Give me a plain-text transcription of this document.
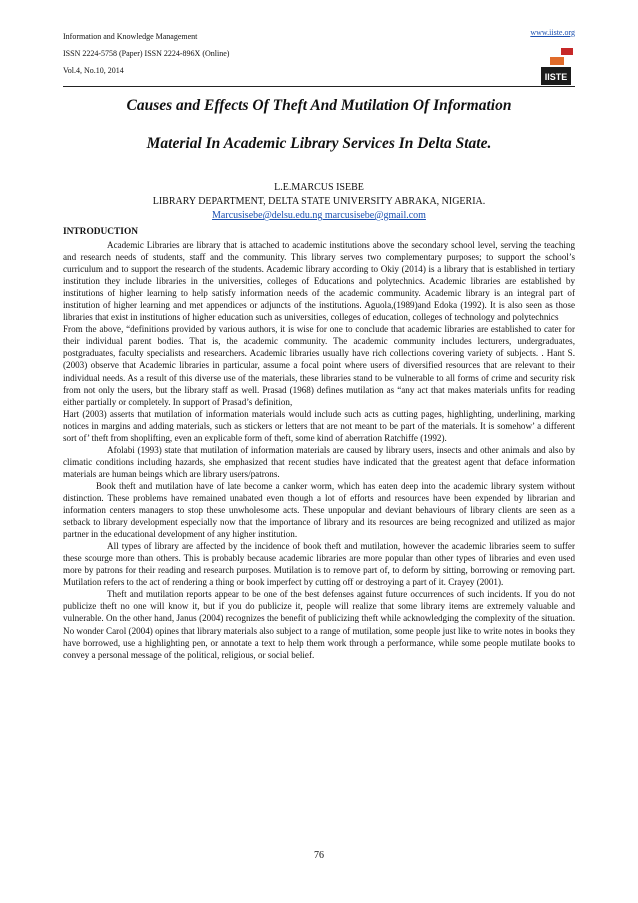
Information and Knowledge Management
ISSN 2224-5758 (Paper) ISSN 2224-896X (Online)
Vol.4, No.10, 2014
www.iiste.org
IISTE
Causes and Effects Of Theft And Mutilation Of Information
Material In Academic Library Services In Delta State.
L.E.MARCUS ISEBE
LIBRARY DEPARTMENT, DELTA STATE UNIVERSITY ABRAKA, NIGERIA.
Marcusisebe@delsu.edu.ng marcusisebe@gmail.com
INTRODUCTION

Academic Libraries are library that is attached to academic institutions above the secondary school level, serving the teaching and research needs of students, staff and the community. This library serves two complementary purposes; to support the school’s curriculum and to support the research of the students. Academic library according to Okiy (2014) is a library that is established in tertiary institution they include libraries in the universities, colleges of Educations and polytechnics. Academic libraries are established by institutions of higher learning to help satisfy information needs of the academic community. Academic library is an integral part of institution of higher learning and met appendices or adjuncts of the institutions. Aguola,(1989)and Edoka (1992). It is also seen as those libraries that exist in institutions of higher education such as universities, colleges of education, colleges of technology and polytechnics

From the above, “definitions provided by various authors, it is wise for one to conclude that academic libraries are established to cater for their individual parent bodies. That is, the academic community. The academic community includes lecturers, undergraduates, postgraduates, faculty specialists and researchers. Academic libraries usually have rich collections covering variety of subjects. . Hant S. (2003) observe that Academic libraries in particular, assume a focal point where users of diversified resources that are relevant to their individual needs. As a result of this diverse use of the materials, these libraries stand to be vulnerable to all forms of crime and security risk from not only the users, but the library staff as well. Prasad (1968) defines mutilation as “any act that makes materials unfits for reading either partially or completely. In support of Prasad’s definition,

Hart (2003) asserts that mutilation of information materials would include such acts as cutting pages, highlighting, underlining, marking notices in margins and adding materials, such as stickers or letters that are not meant to be part of the materials. It is somehow’ a different sort of’ theft from shoplifting, even an explicable form of theft, some kind of aberration Ratchiffe (1992).

Afolabi (1993) state that mutilation of information materials are caused by library users, insects and other animals and also by climatic conditions including hazards, she emphasized that recent studies have indicated that the greatest agent that deface information materials are human beings which are library users/patrons.

Book theft and mutilation have of late become a canker worm, which has eaten deep into the academic library system without distinction. These problems have remained unabated even though a lot of efforts and resources have been expended by librarian and information centers managers to stop these unwholesome acts. These unpopular and deviant behaviours of library clients are seen as a setback to library development especially now that the importance of library and its resources are being recognized and utilized as major partner in the educational development of any higher institution.

All types of library are affected by the incidence of book theft and mutilation, however the academic libraries seem to suffer these scourge more than others. This is probably because academic libraries are more popular than other types of libraries and even used more by patrons for their reading and research purposes. Mutilation is to remove part of, to deform by sitting, borrowing or removing part. Mutilation refers to the act of rendering a thing or book imperfect by cutting off or destroying a part of it. Crayey (2001).

Theft and mutilation reports appear to be one of the best defenses against future occurrences of such incidents. If you do not publicize theft no one will know it, but if you do publicize it, people will realize that some library items are extremely valuable and vulnerable. On the other hand, Janus (2004) recognizes the benefit of publicizing theft while acknowledging the complexity of the situation. No wonder Carol (2004) opines that library materials also subject to a range of mutilation, some people just like to write notes in books they have borrowed, use a highlighting pen, or annotate a text to help them work through a performance, while some people mutilate books to convey a personal message of the political, religious, or social belief.

76
